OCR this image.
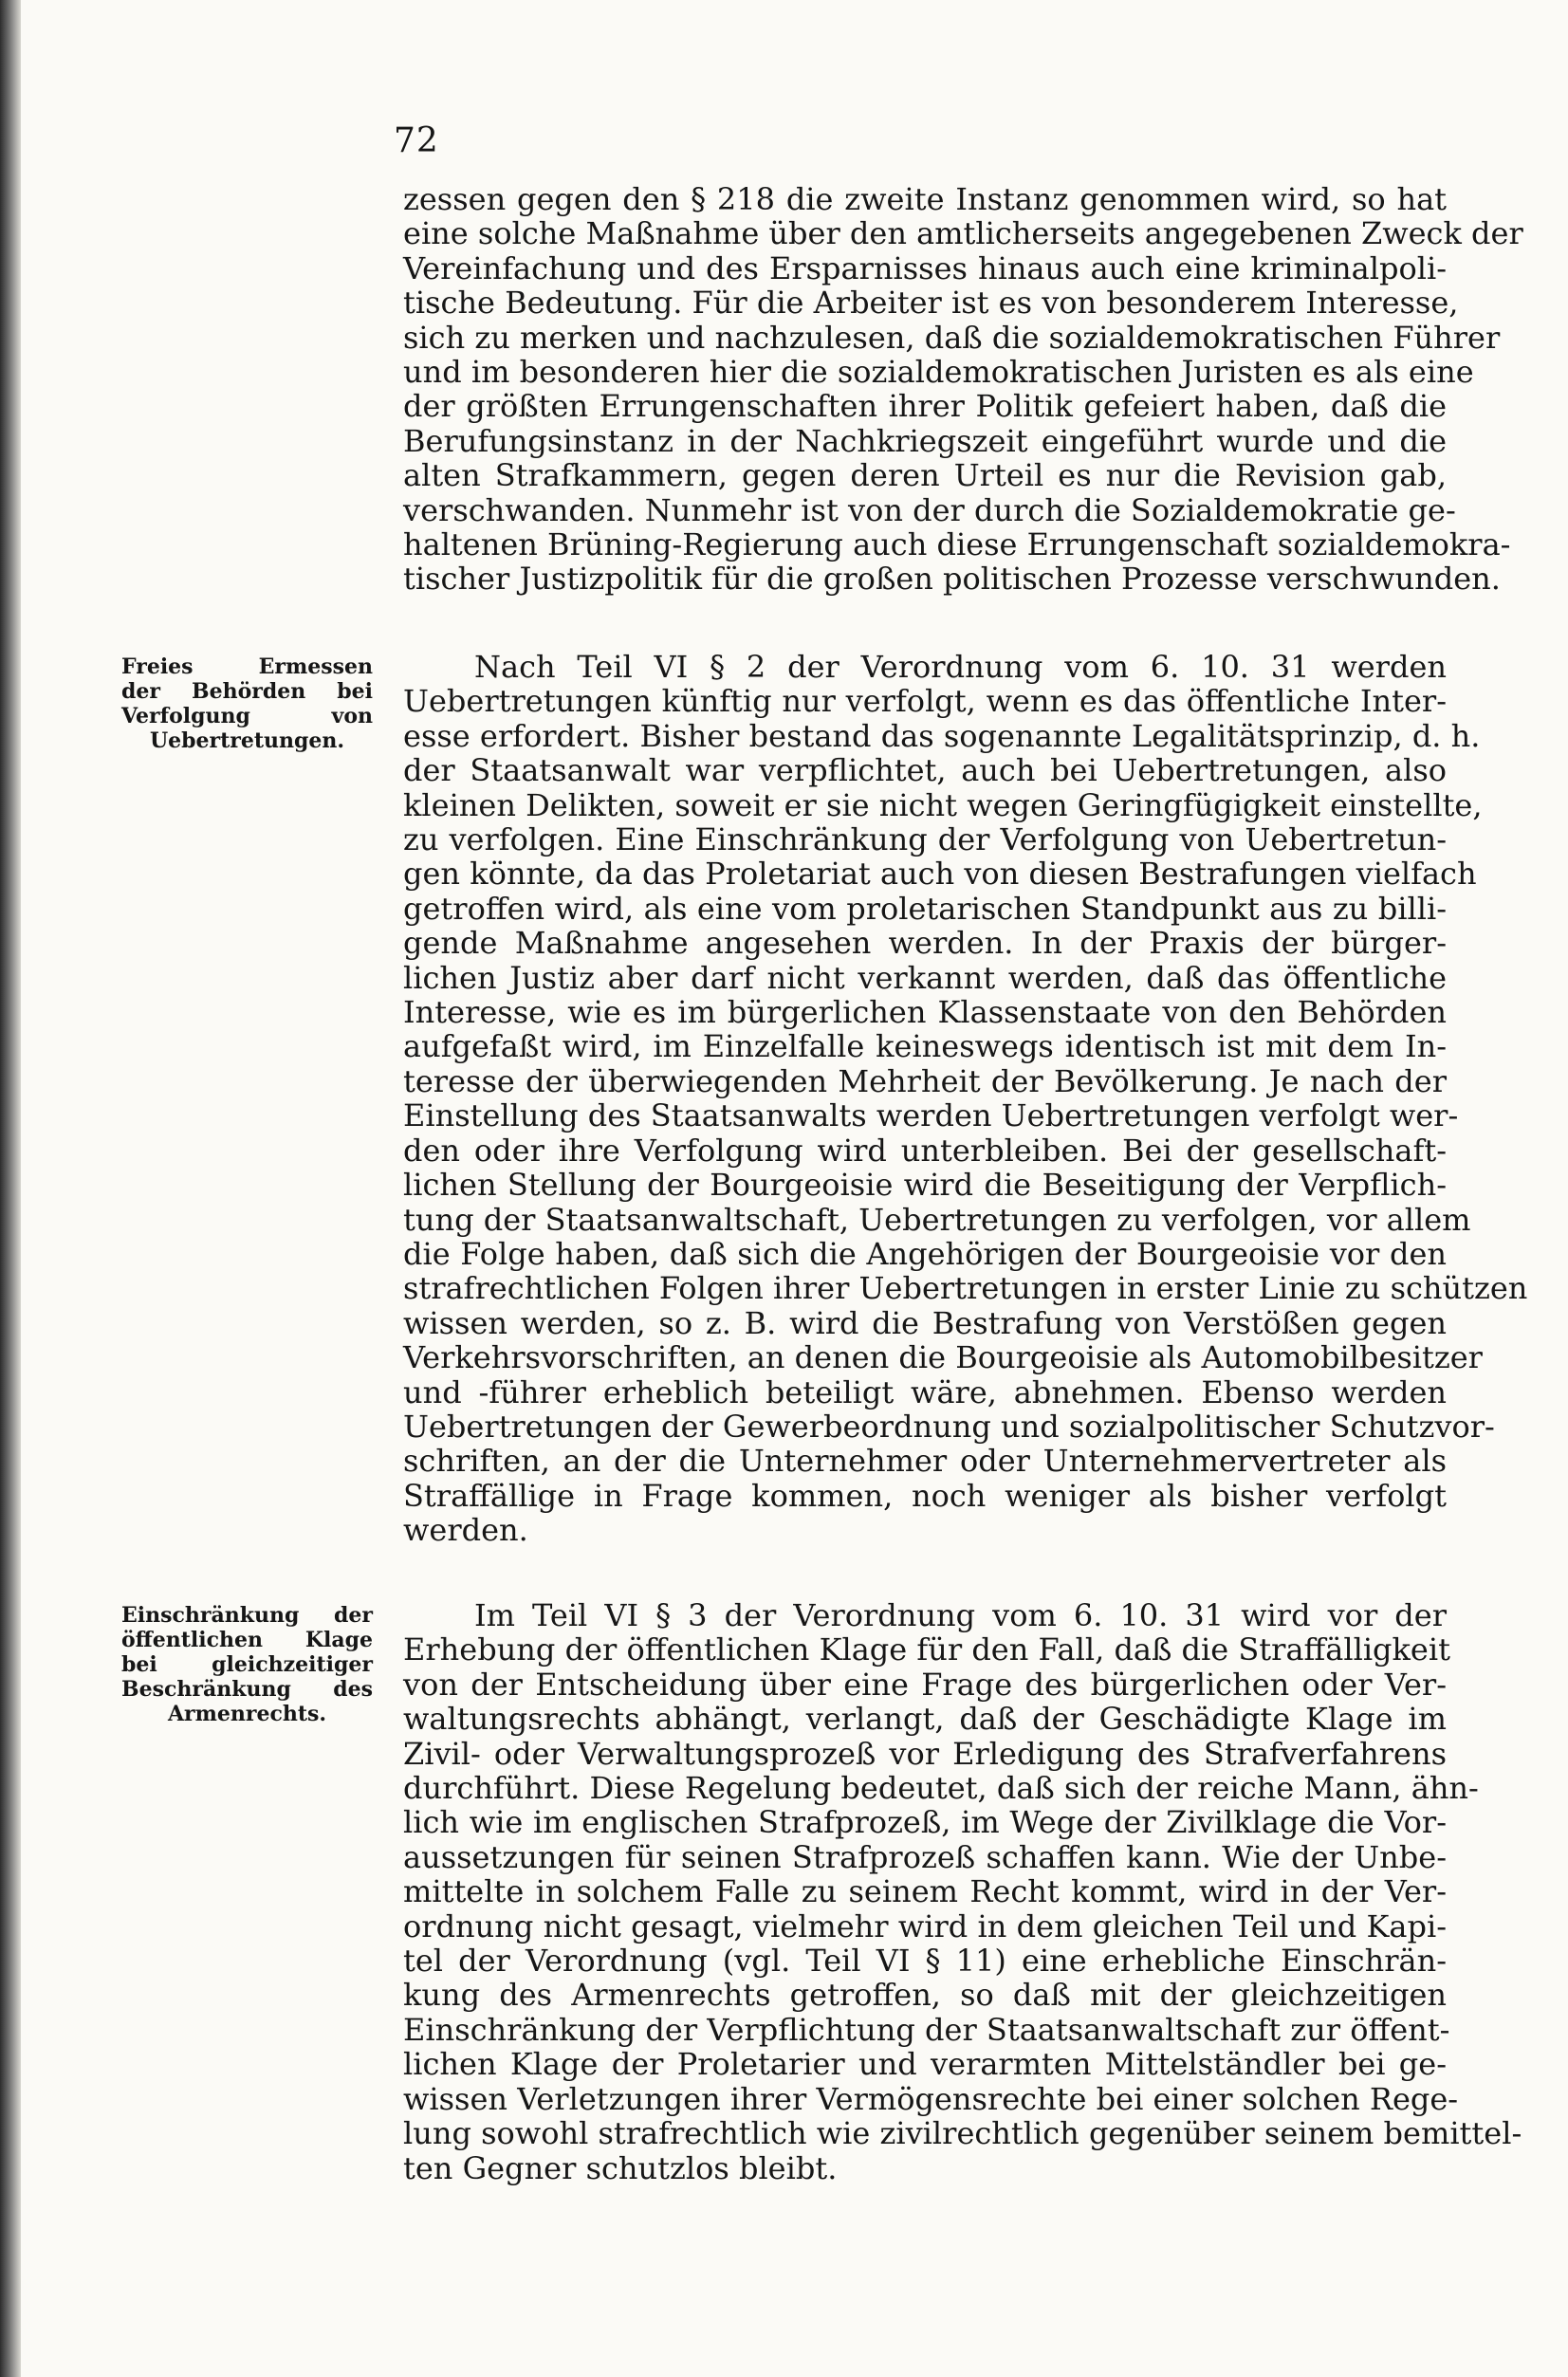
72
zessen gegen den § 218 die zweite Instanz genommen wird, so hat
eine solche Maßnahme über den amtlicherseits angegebenen Zweck der
Vereinfachung und des Ersparnisses hinaus auch eine kriminalpoli-
tische Bedeutung. Für die Arbeiter ist es von besonderem Interesse,
sich zu merken und nachzulesen, daß die sozialdemokratischen Führer
und im besonderen hier die sozialdemokratischen Juristen es als eine
der größten Errungenschaften ihrer Politik gefeiert haben, daß die
Berufungsinstanz in der Nachkriegszeit eingeführt wurde und die
alten Strafkammern, gegen deren Urteil es nur die Revision gab,
verschwanden. Nunmehr ist von der durch die Sozialdemokratie ge-
haltenen Brüning-Regierung auch diese Errungenschaft sozialdemokra-
tischer Justizpolitik für die großen politischen Prozesse verschwunden.
Freies Ermessen
der Behörden bei
Verfolgung von
Uebertretungen.
Nach Teil VI § 2 der Verordnung vom 6. 10. 31 werden
Uebertretungen künftig nur verfolgt, wenn es das öffentliche Inter-
esse erfordert. Bisher bestand das sogenannte Legalitätsprinzip, d. h.
der Staatsanwalt war verpflichtet, auch bei Uebertretungen, also
kleinen Delikten, soweit er sie nicht wegen Geringfügigkeit einstellte,
zu verfolgen. Eine Einschränkung der Verfolgung von Uebertretun-
gen könnte, da das Proletariat auch von diesen Bestrafungen vielfach
getroffen wird, als eine vom proletarischen Standpunkt aus zu billi-
gende Maßnahme angesehen werden. In der Praxis der bürger-
lichen Justiz aber darf nicht verkannt werden, daß das öffentliche
Interesse, wie es im bürgerlichen Klassenstaate von den Behörden
aufgefaßt wird, im Einzelfalle keineswegs identisch ist mit dem In-
teresse der überwiegenden Mehrheit der Bevölkerung. Je nach der
Einstellung des Staatsanwalts werden Uebertretungen verfolgt wer-
den oder ihre Verfolgung wird unterbleiben. Bei der gesellschaft-
lichen Stellung der Bourgeoisie wird die Beseitigung der Verpflich-
tung der Staatsanwaltschaft, Uebertretungen zu verfolgen, vor allem
die Folge haben, daß sich die Angehörigen der Bourgeoisie vor den
strafrechtlichen Folgen ihrer Uebertretungen in erster Linie zu schützen
wissen werden, so z. B. wird die Bestrafung von Verstößen gegen
Verkehrsvorschriften, an denen die Bourgeoisie als Automobilbesitzer
und -führer erheblich beteiligt wäre, abnehmen. Ebenso werden
Uebertretungen der Gewerbeordnung und sozialpolitischer Schutzvor-
schriften, an der die Unternehmer oder Unternehmervertreter als
Straffällige in Frage kommen, noch weniger als bisher verfolgt
werden.
Einschränkung der
öffentlichen Klage
bei gleichzeitiger
Beschränkung des
Armenrechts.
Im Teil VI § 3 der Verordnung vom 6. 10. 31 wird vor der
Erhebung der öffentlichen Klage für den Fall, daß die Straffälligkeit
von der Entscheidung über eine Frage des bürgerlichen oder Ver-
waltungsrechts abhängt, verlangt, daß der Geschädigte Klage im
Zivil- oder Verwaltungsprozeß vor Erledigung des Strafverfahrens
durchführt. Diese Regelung bedeutet, daß sich der reiche Mann, ähn-
lich wie im englischen Strafprozeß, im Wege der Zivilklage die Vor-
aussetzungen für seinen Strafprozeß schaffen kann. Wie der Unbe-
mittelte in solchem Falle zu seinem Recht kommt, wird in der Ver-
ordnung nicht gesagt, vielmehr wird in dem gleichen Teil und Kapi-
tel der Verordnung (vgl. Teil VI § 11) eine erhebliche Einschrän-
kung des Armenrechts getroffen, so daß mit der gleichzeitigen
Einschränkung der Verpflichtung der Staatsanwaltschaft zur öffent-
lichen Klage der Proletarier und verarmten Mittelständler bei ge-
wissen Verletzungen ihrer Vermögensrechte bei einer solchen Rege-
lung sowohl strafrechtlich wie zivilrechtlich gegenüber seinem bemittel-
ten Gegner schutzlos bleibt.
